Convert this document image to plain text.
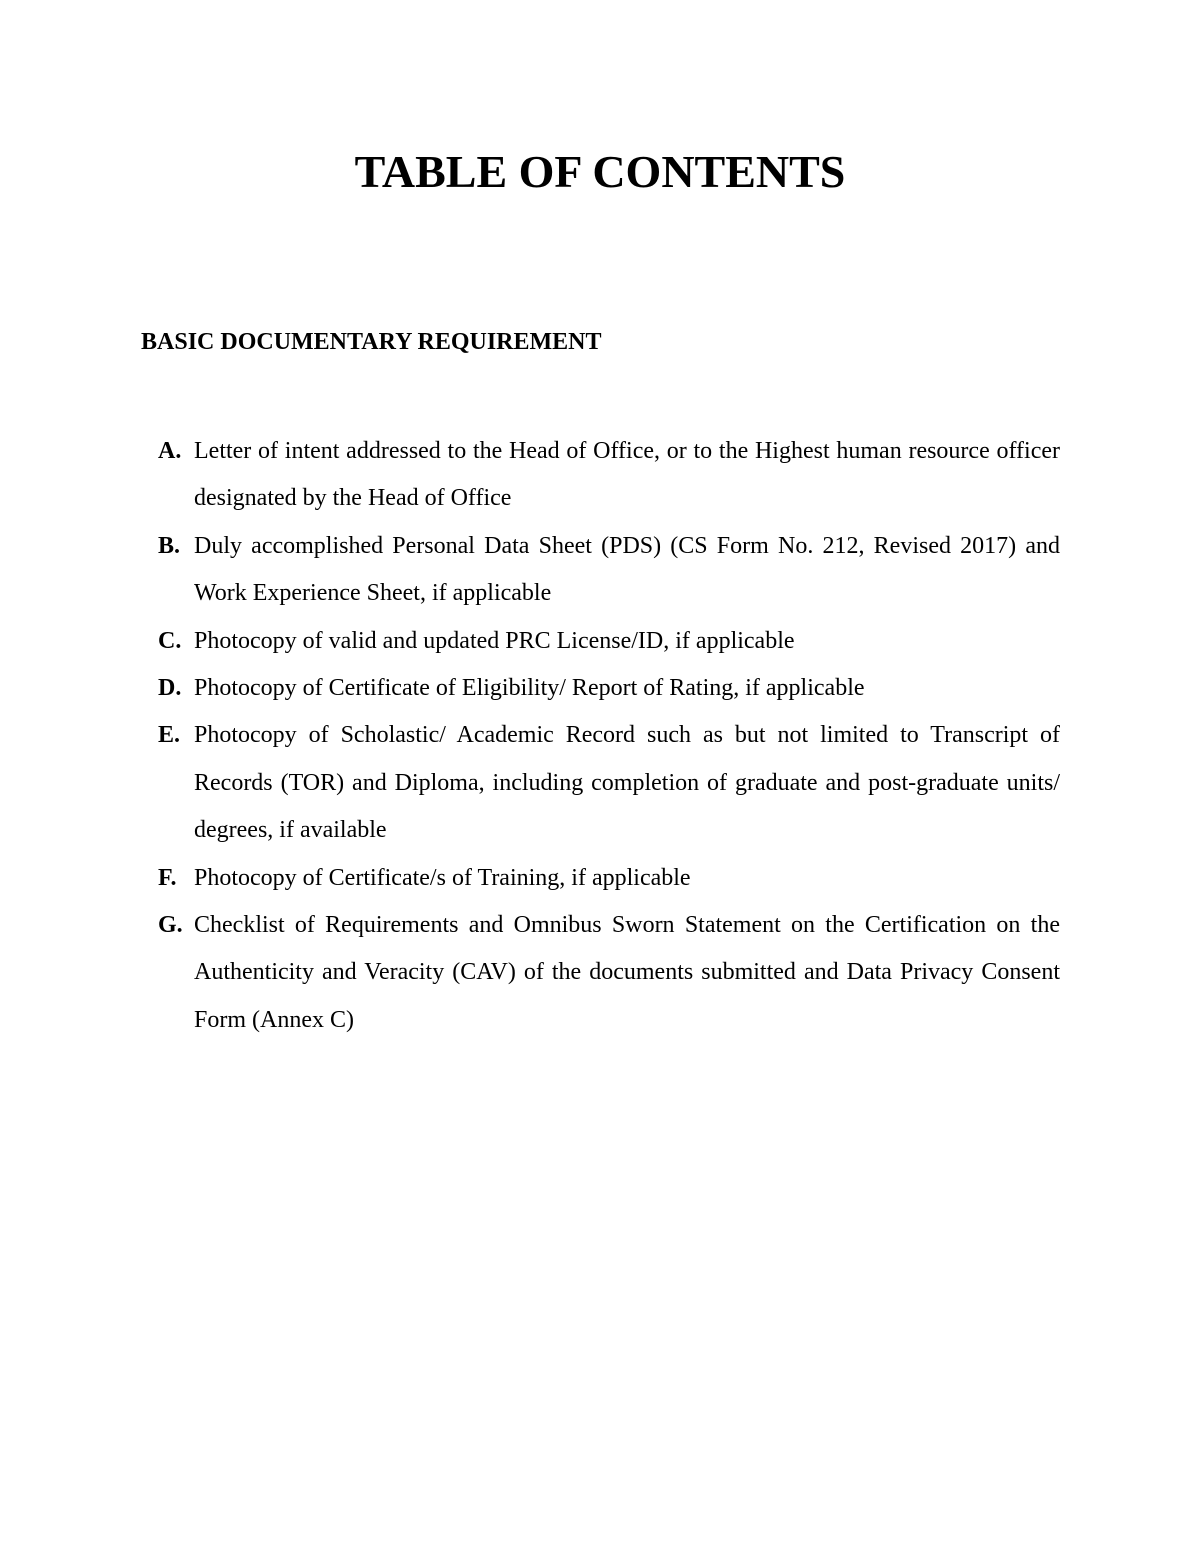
TABLE OF CONTENTS
BASIC DOCUMENTARY REQUIREMENT
A. Letter of intent addressed to the Head of Office, or to the Highest human resource officer designated by the Head of Office
B. Duly accomplished Personal Data Sheet (PDS) (CS Form No. 212, Revised 2017) and Work Experience Sheet, if applicable
C. Photocopy of valid and updated PRC License/ID, if applicable
D. Photocopy of Certificate of Eligibility/ Report of Rating, if applicable
E. Photocopy of Scholastic/ Academic Record such as but not limited to Transcript of Records (TOR) and Diploma, including completion of graduate and post-graduate units/ degrees, if available
F. Photocopy of Certificate/s of Training, if applicable
G. Checklist of Requirements and Omnibus Sworn Statement on the Certification on the Authenticity and Veracity (CAV) of the documents submitted and Data Privacy Consent Form (Annex C)
